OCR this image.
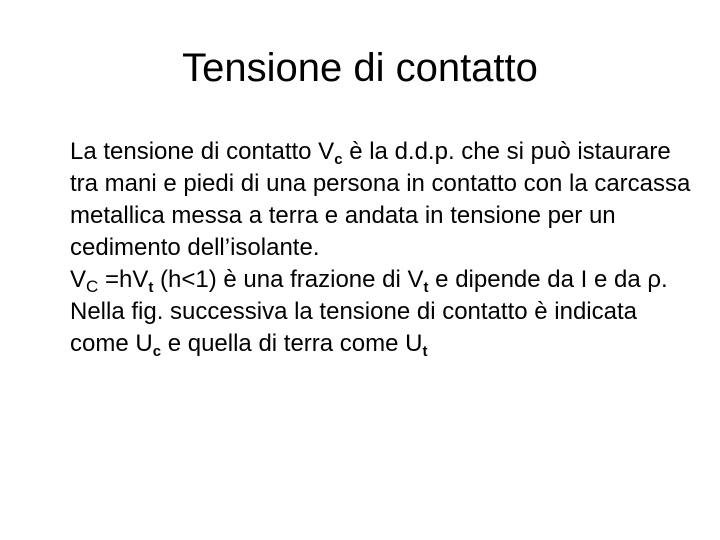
Tensione di contatto

La tensione di contatto $V_c$ è la d.d.p. che si può istaurare tra mani e piedi di una persona in contatto con la carcassa metallica messa a terra e andata in tensione per un cedimento dell’isolante.

$V_C =hV_t$ (h<1) è una frazione di $V_t$ e dipende da I e da ρ. Nella fig. successiva la tensione di contatto è indicata come $U_c$ e quella di terra come $U_t$
